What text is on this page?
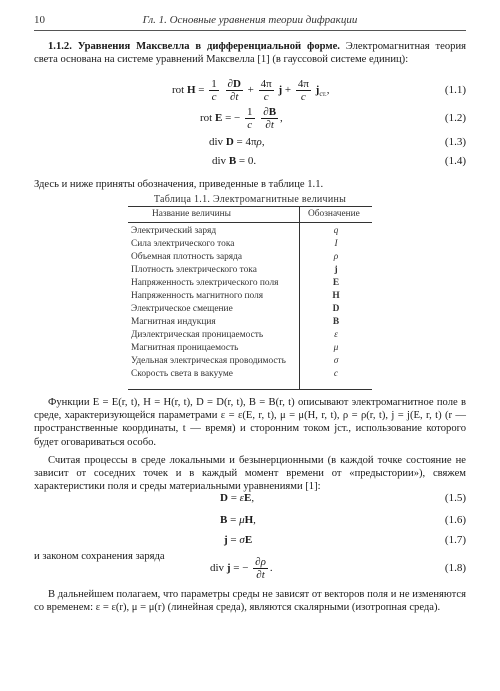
10	Гл. 1. Основные уравнения теории дифракции
1.1.2. Уравнения Максвелла в дифференциальной форме. Электромагнитная теория света основана на системе уравнений Максвелла [1] (в гауссовой системе единиц):
rot $H = \frac{1}{c}$
$\frac{\partial D}{\partial t} + \frac{4\pi}{c}$ $j + \frac{4\pi}{c} j_{ст.}$,	(1.1)
rot E = − $\frac{1}{c}$
$\frac{\partial B}{\partial t}$ ,	(1.2)
div D = 4πρ,	(1.3)
div B = 0.	(1.4)
Здесь и ниже приняты обозначения, приведенные в таблице 1.1.
Таблица 1.1. Электромагнитные величины
Название величины	Обозначение
Электрический заряд	q
Сила электрического тока	I
Объемная плотность заряда	ρ
Плотность электрического тока	j
Напряженность электрического поля	E
Напряженность магнитного поля	H
Электрическое смещение	D
Магнитная индукция	B
Диэлектрическая проницаемость	ε
Магнитная проницаемость	μ
Удельная электрическая проводимость	σ
Скорость света в вакууме	c
Функции E = E(r, t), H = H(r, t), D = D(r, t), B = B(r, t) описывают электромагнитное поле в среде, характеризующейся параметрами ε = ε(E, r, t), μ = μ(H, r, t), ρ = ρ(r, t), j = j(E, r, t) (r — пространственные координаты, t — время) и сторонним током jст., использование которого будет оговариваться особо.
Считая процессы в среде локальными и безынерционными (в каждой точке состояние не зависит от соседних точек и в каждый момент времени от «предыстории»), свяжем характеристики поля и среды материальными уравнениями [1]:
D = εE,	(1.5)
B = μH,	(1.6)
j = σE	(1.7)
и законом сохранения заряда
div j = − $\frac{\partial\rho}{\partial t}$ .	(1.8)
В дальнейшем полагаем, что параметры среды не зависят от векторов поля и не изменяются со временем: ε = ε(r), μ = μ(r) (линейная среда), являются скалярными (изотропная среда).
